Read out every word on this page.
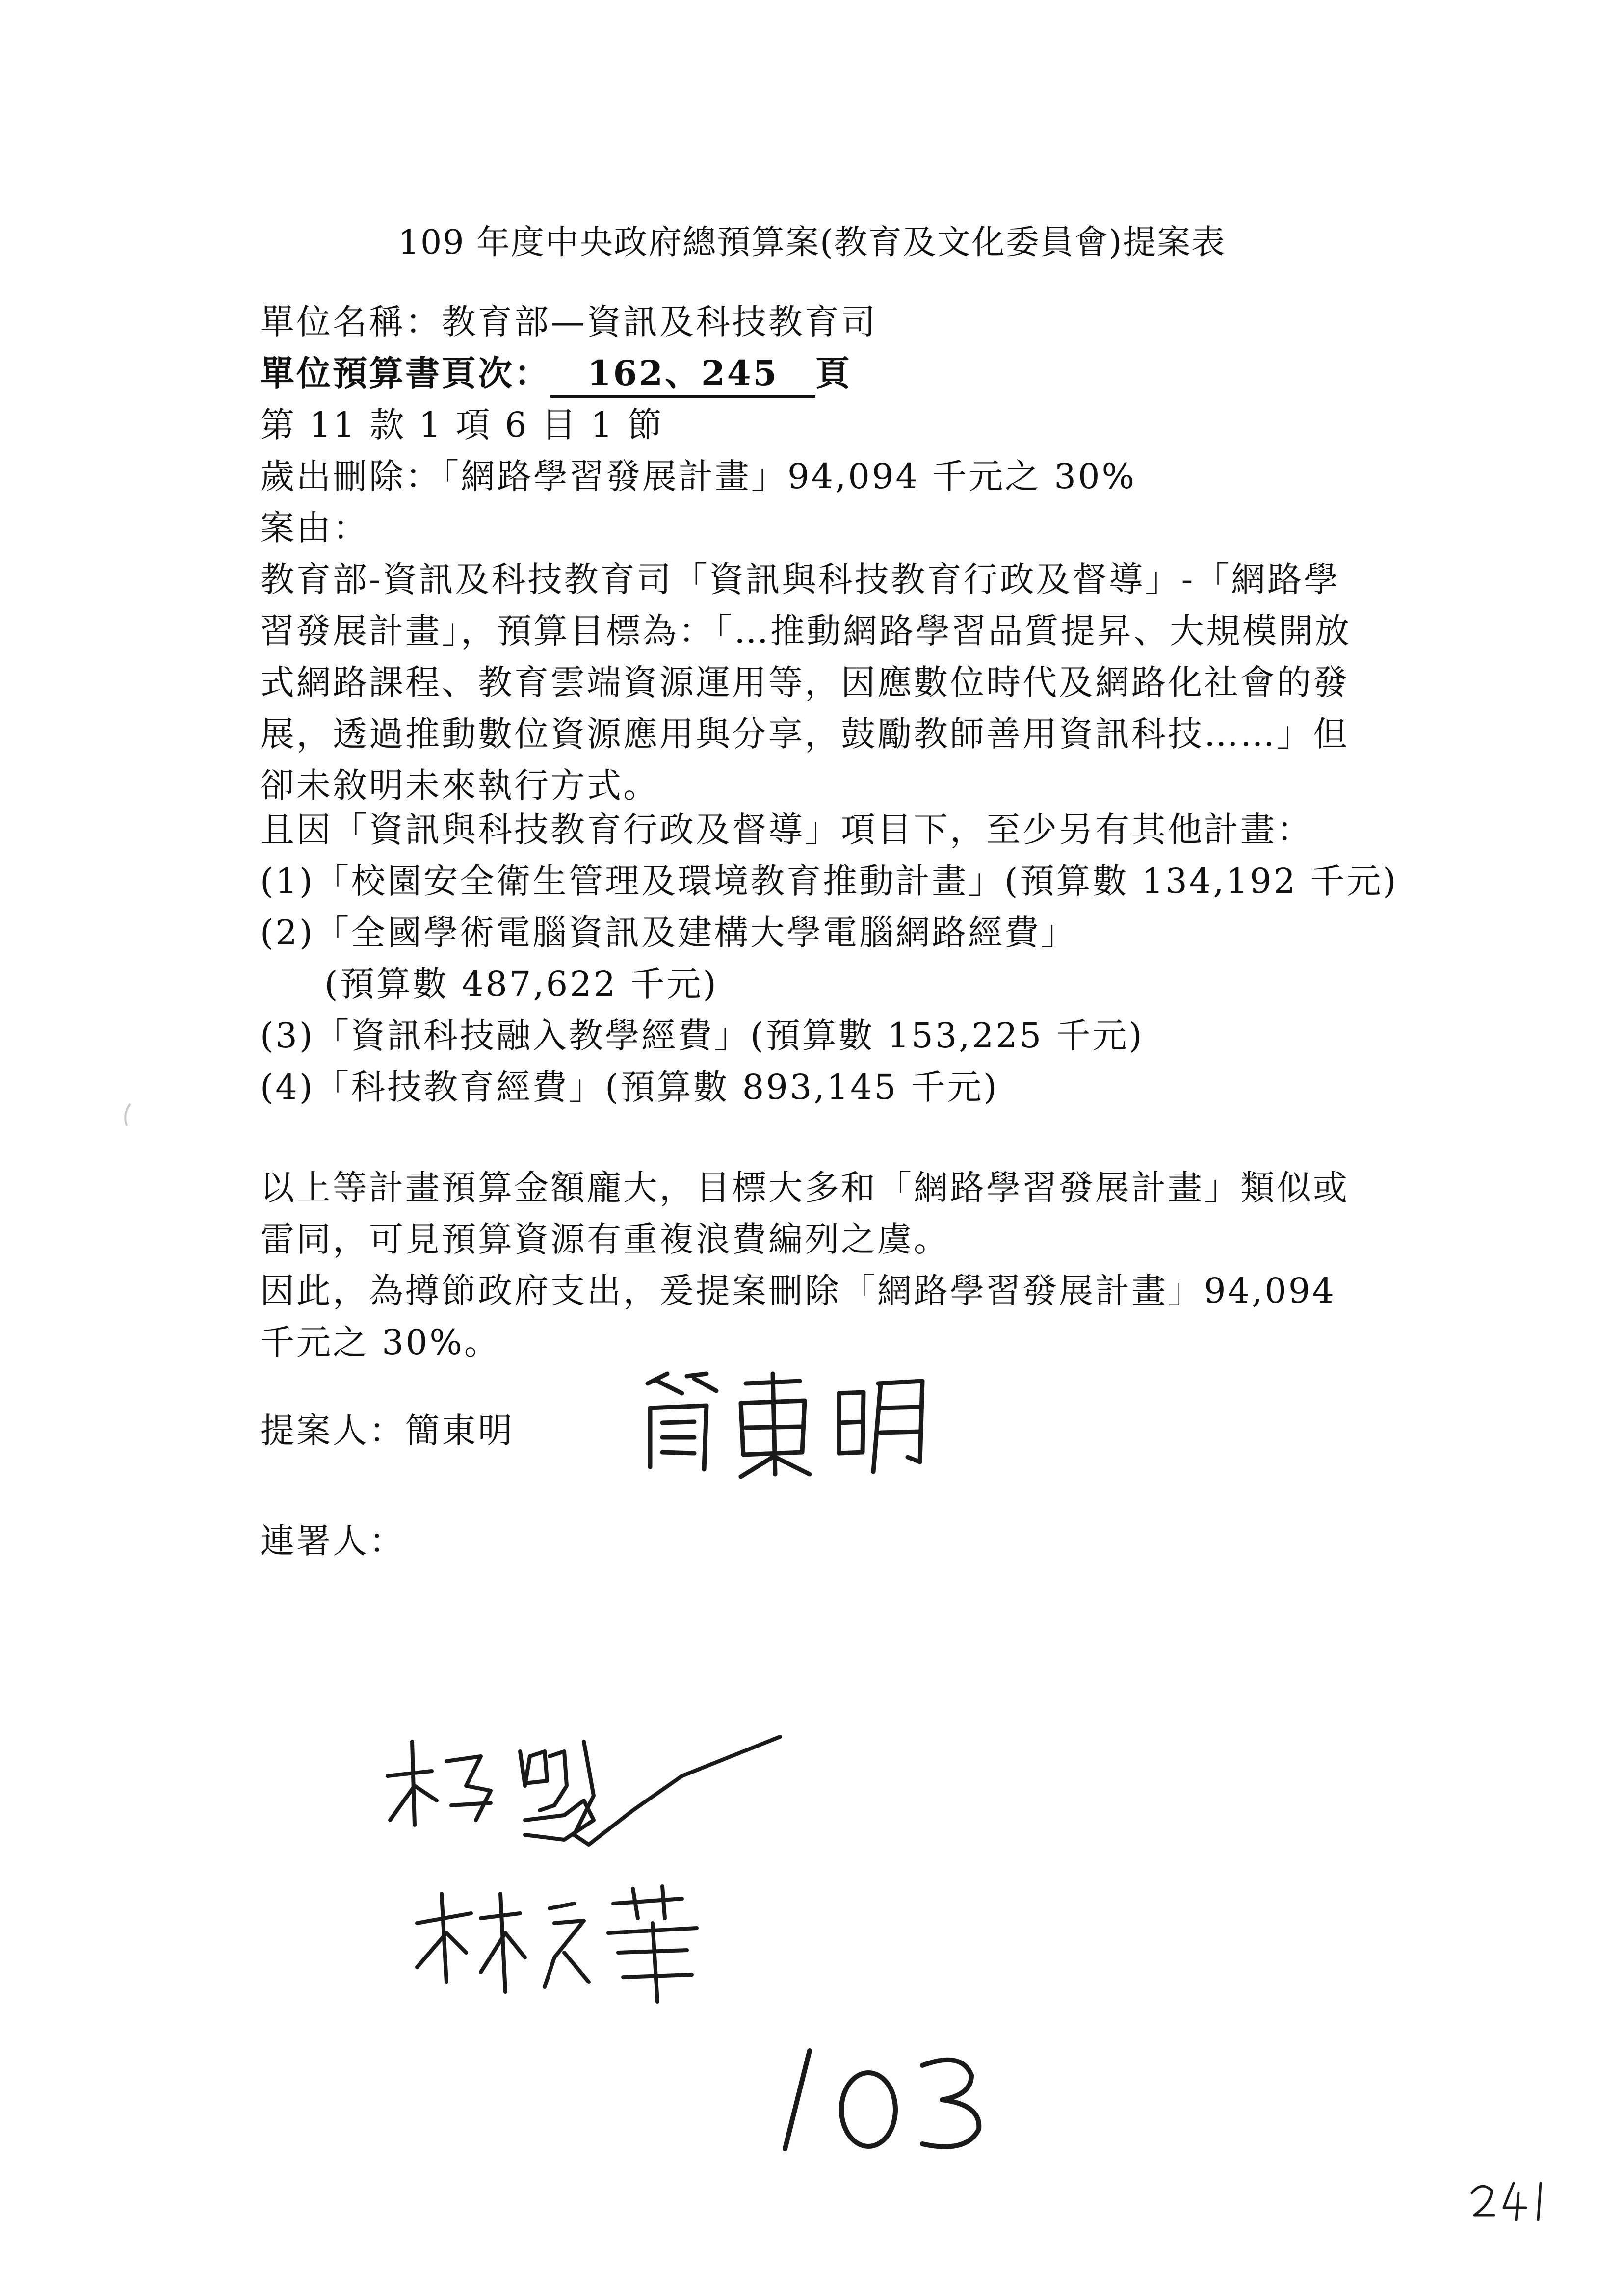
109 年度中央政府總預算案(教育及文化委員會)提案表
單位名稱：教育部—資訊及科技教育司
單位預算書頁次： 162、245 頁
第 11 款 1 項 6 目 1 節
歲出刪除：「網路學習發展計畫」94,094 千元之 30%
案由：
教育部-資訊及科技教育司「資訊與科技教育行政及督導」-「網路學
習發展計畫」，預算目標為：「…推動網路學習品質提昇、大規模開放
式網路課程、教育雲端資源運用等，因應數位時代及網路化社會的發
展，透過推動數位資源應用與分享，鼓勵教師善用資訊科技……」但
卻未敘明未來執行方式。
且因「資訊與科技教育行政及督導」項目下，至少另有其他計畫：
(1)「校園安全衛生管理及環境教育推動計畫」(預算數 134,192 千元)
(2)「全國學術電腦資訊及建構大學電腦網路經費」
(預算數 487,622 千元)
(3)「資訊科技融入教學經費」(預算數 153,225 千元)
(4)「科技教育經費」(預算數 893,145 千元)
以上等計畫預算金額龐大，目標大多和「網路學習發展計畫」類似或
雷同，可見預算資源有重複浪費編列之虞。
因此，為撙節政府支出，爰提案刪除「網路學習發展計畫」94,094
千元之 30%。
提案人：簡東明
連署人：
